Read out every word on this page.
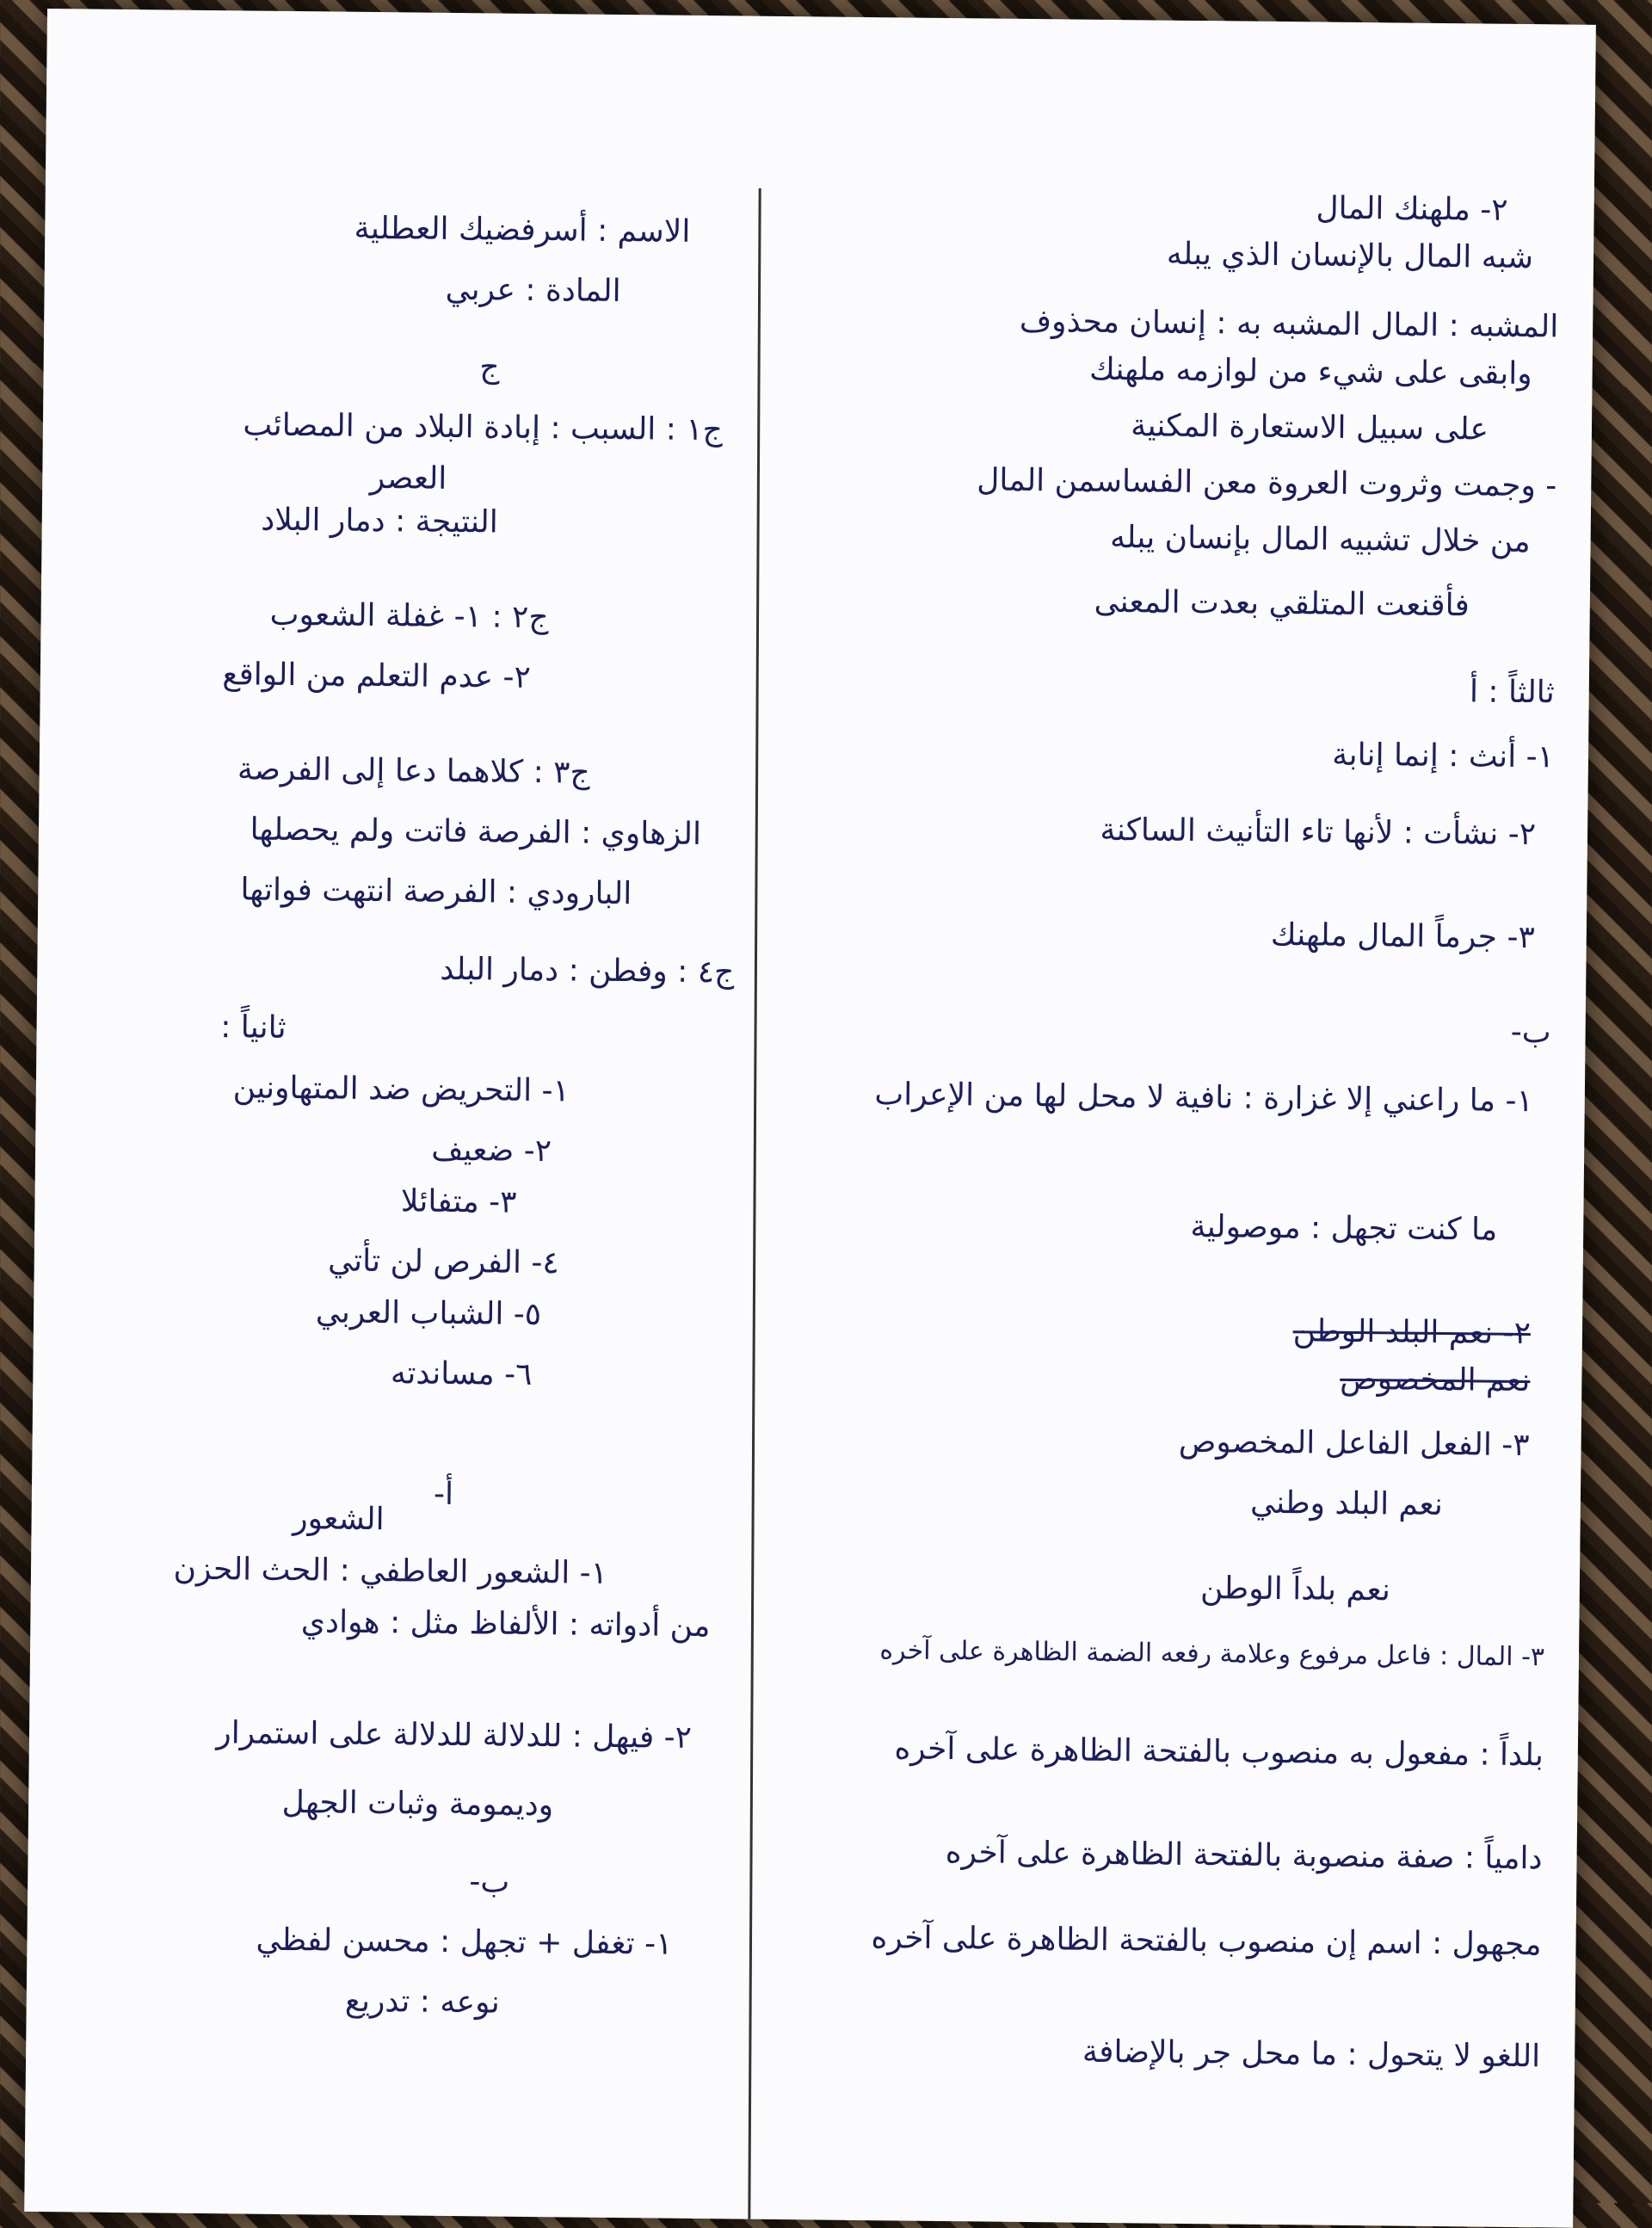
الاسم : أسرفضيك العطلية
المادة : عربي
ج
ج١ : السبب : إبادة البلاد من المصائب
العصر
النتيجة : دمار البلاد
ج٢ : ١- غفلة الشعوب
٢- عدم التعلم من الواقع
ج٣ : كلاهما دعا إلى الفرصة
الزهاوي : الفرصة فاتت ولم يحصلها
البارودي : الفرصة انتهت فواتها
ج٤ : وفطن : دمار البلد
ثانياً :
١- التحريض ضد المتهاونين
٢- ضعيف
٣- متفائلا
٤- الفرص لن تأتي
٥- الشباب العربي
٦- مساندته
أ-
الشعور
١- الشعور العاطفي : الحث الحزن
من أدواته : الألفاظ مثل : هوادي
٢- فيهل : للدلالة للدلالة على استمرار
وديمومة وثبات الجهل
ب-
١- تغفل + تجهل : محسن لفظي
نوعه : تدريع
٢- ملهنك المال
شبه المال بالإنسان الذي يبله
المشبه : المال المشبه به : إنسان محذوف
وابقى على شيء من لوازمه ملهنك
على سبيل الاستعارة المكنية
- وجمت وثروت العروة معن الفساسمن المال
من خلال تشبيه المال بإنسان يبله
فأقنعت المتلقي بعدت المعنى
ثالثاً : أ
١- أنث : إنما إنابة
٢- نشأت : لأنها تاء التأنيث الساكنة
٣- جرماً المال ملهنك
ب-
١- ما راعني إلا غزارة : نافية لا محل لها من الإعراب
ما كنت تجهل : موصولية
٢- نعم البلد الوطن
نعم المخصوص
٣- الفعل الفاعل المخصوص
نعم البلد وطني
نعم بلداً الوطن
٣- المال : فاعل مرفوع وعلامة رفعه الضمة الظاهرة على آخره
بلداً : مفعول به منصوب بالفتحة الظاهرة على آخره
دامياً : صفة منصوبة بالفتحة الظاهرة على آخره
مجهول : اسم إن منصوب بالفتحة الظاهرة على آخره
اللغو لا يتحول : ما محل جر بالإضافة
